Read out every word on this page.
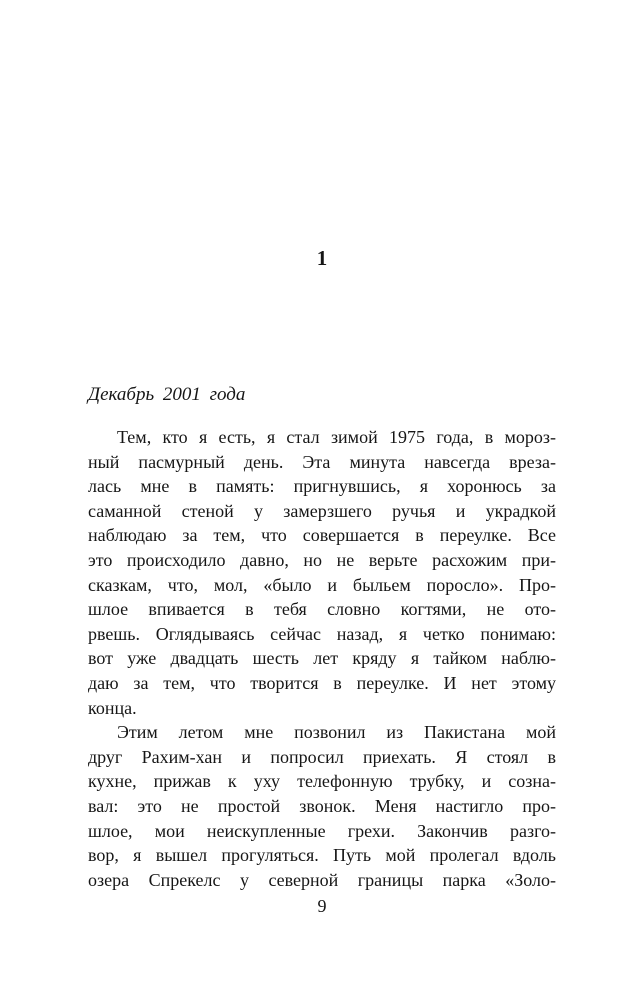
1
Декабрь 2001 года
Тем, кто я есть, я стал зимой 1975 года, в мороз-
ный пасмурный день. Эта минута навсегда вреза-
лась мне в память: пригнувшись, я хоронюсь за
саманной стеной у замерзшего ручья и украдкой
наблюдаю за тем, что совершается в переулке. Все
это происходило давно, но не верьте расхожим при-
сказкам, что, мол, «было и быльем поросло». Про-
шлое впивается в тебя словно когтями, не ото-
рвешь. Оглядываясь сейчас назад, я четко понимаю:
вот уже двадцать шесть лет кряду я тайком наблю-
даю за тем, что творится в переулке. И нет этому
конца.
Этим летом мне позвонил из Пакистана мой
друг Рахим-хан и попросил приехать. Я стоял в
кухне, прижав к уху телефонную трубку, и созна-
вал: это не простой звонок. Меня настигло про-
шлое, мои неискупленные грехи. Закончив разго-
вор, я вышел прогуляться. Путь мой пролегал вдоль
озера Спрекелс у северной границы парка «Золо-
9
